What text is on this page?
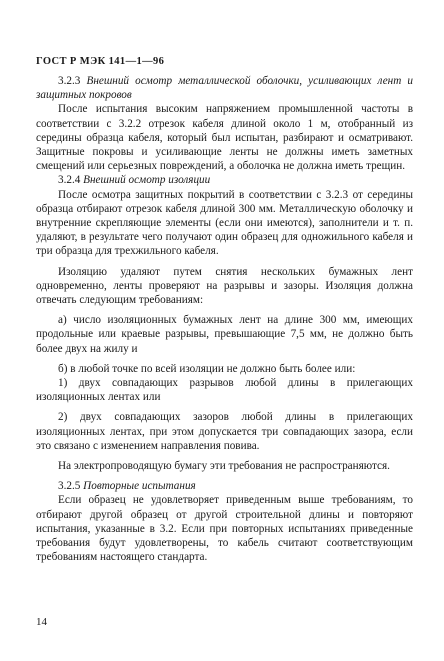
ГОСТ Р МЭК 141—1—96

3.2.3 Внешний осмотр металлической оболочки, усиливающих лент и защитных покровов

После испытания высоким напряжением промышленной частоты в соответствии с 3.2.2 отрезок кабеля длиной около 1 м, отобранный из середины образца кабеля, который был испытан, разбирают и осматривают. Защитные покровы и усиливающие ленты не должны иметь заметных смещений или серьезных повреждений, а оболочка не должна иметь трещин.

3.2.4 Внешний осмотр изоляции

После осмотра защитных покрытий в соответствии с 3.2.3 от середины образца отбирают отрезок кабеля длиной 300 мм. Металлическую оболочку и внутренние скрепляющие элементы (если они имеются), заполнители и т. п. удаляют, в результате чего получают один образец для одножильного кабеля и три образца для трехжильного кабеля.

Изоляцию удаляют путем снятия нескольких бумажных лент одновременно, ленты проверяют на разрывы и зазоры. Изоляция должна отвечать следующим требованиям:

а) число изоляционных бумажных лент на длине 300 мм, имеющих продольные или краевые разрывы, превышающие 7,5 мм, не должно быть более двух на жилу и

б) в любой точке по всей изоляции не должно быть более или:

1) двух совпадающих разрывов любой длины в прилегающих изоляционных лентах или

2) двух совпадающих зазоров любой длины в прилегающих изоляционных лентах, при этом допускается три совпадающих зазора, если это связано с изменением направления повива.

На электропроводящую бумагу эти требования не распространяются.

3.2.5 Повторные испытания

Если образец не удовлетворяет приведенным выше требованиям, то отбирают другой образец от другой строительной длины и повторяют испытания, указанные в 3.2. Если при повторных испытаниях приведенные требования будут удовлетворены, то кабель считают соответствующим требованиям настоящего стандарта.

14
